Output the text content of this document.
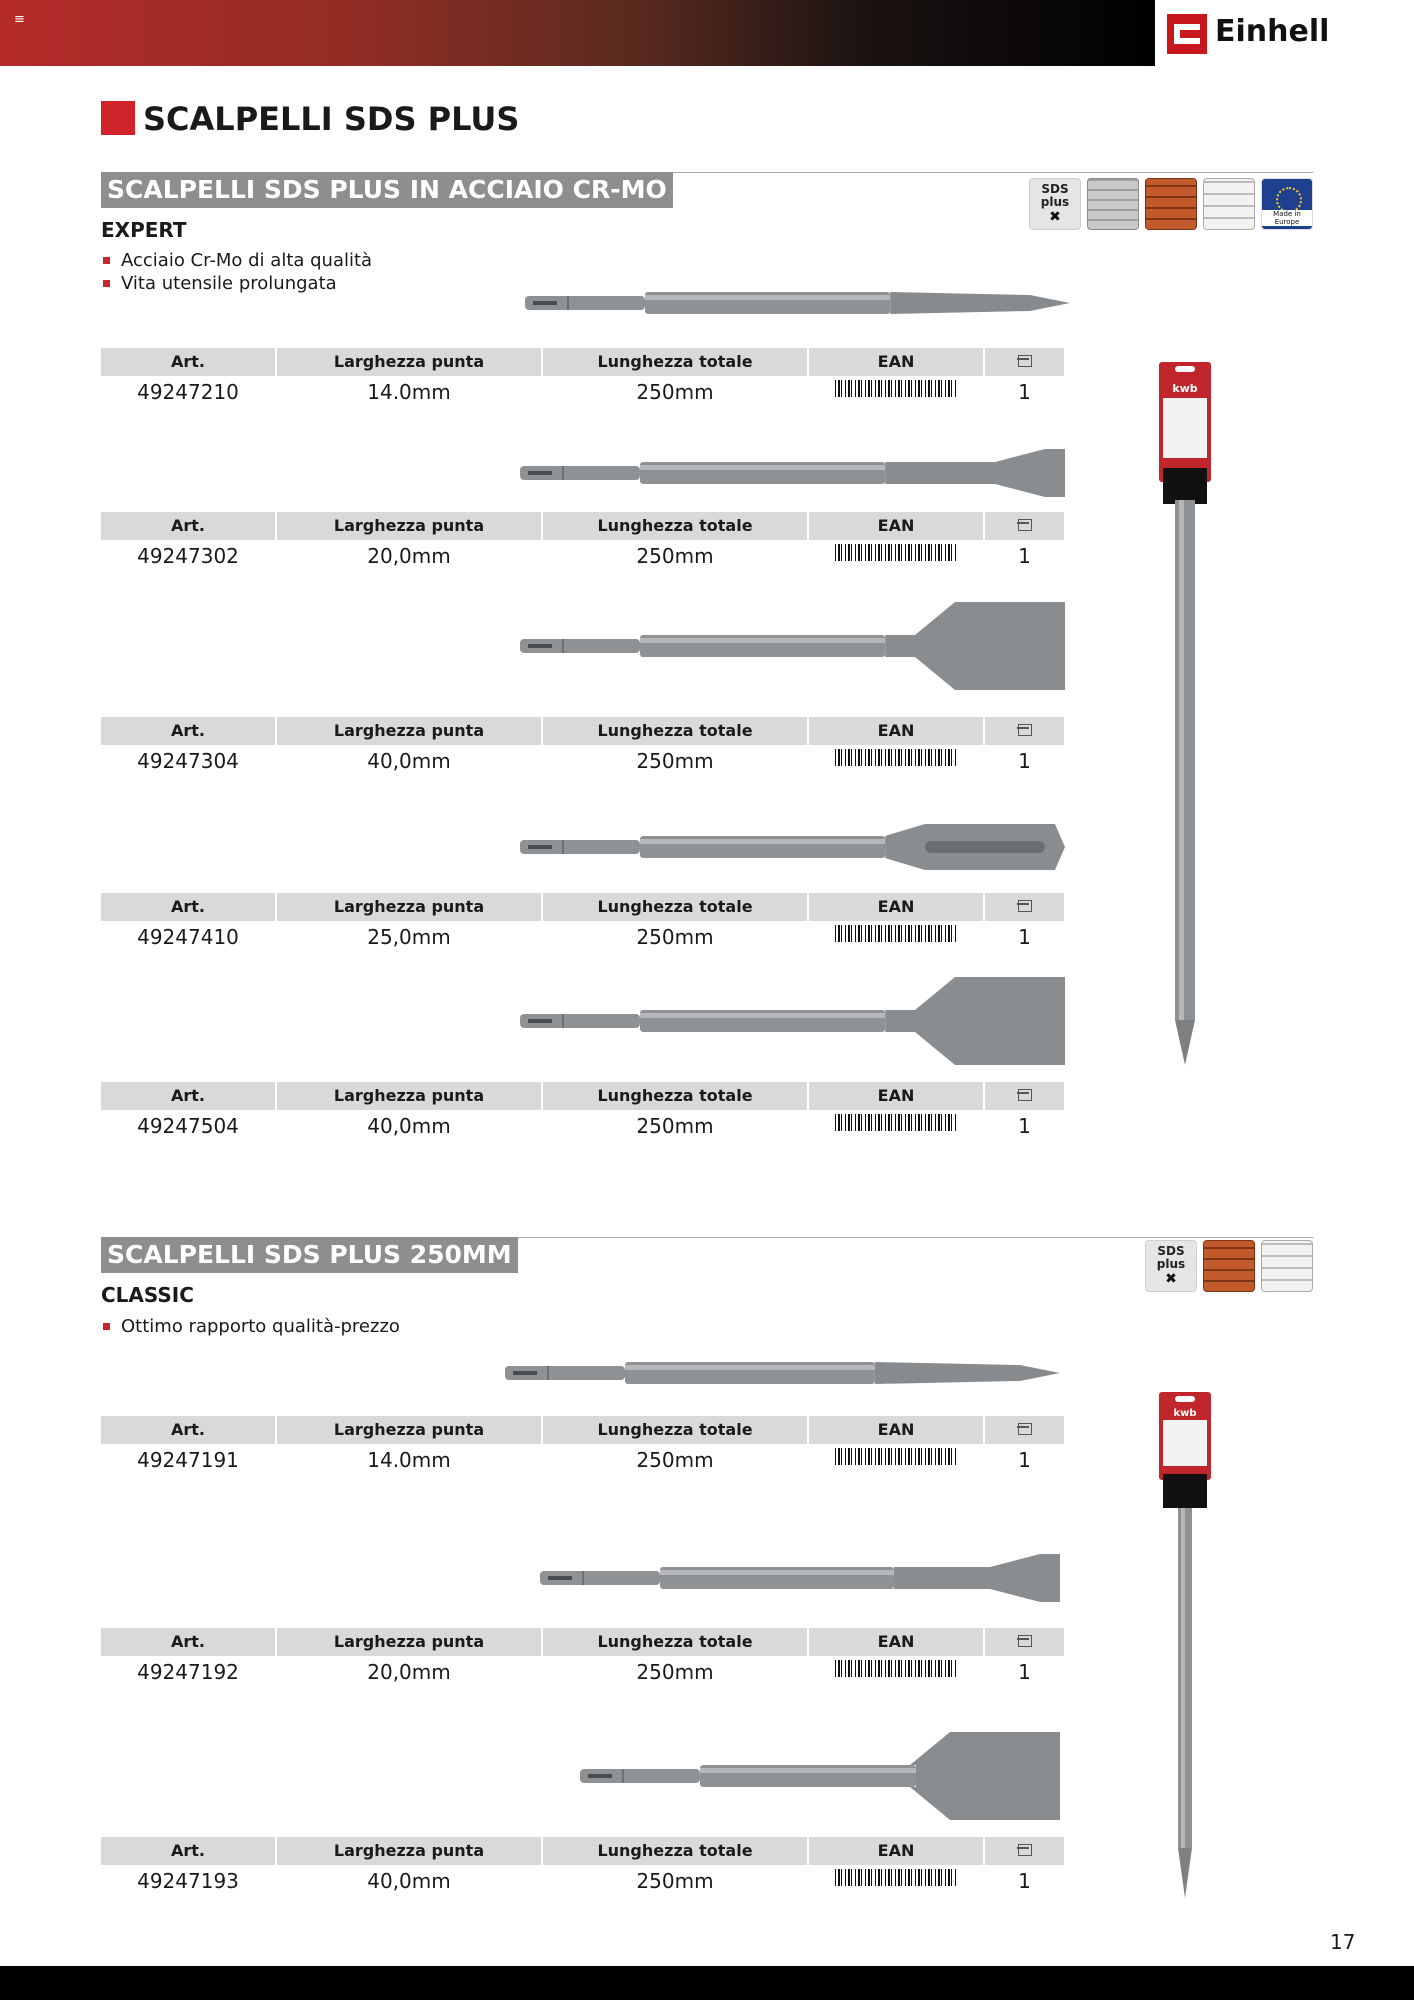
≡	Einhell
SCALPELLI SDS PLUS
SCALPELLI SDS PLUS IN ACCIAIO CR-MO
EXPERT
Acciaio Cr-Mo di alta qualità
Vita utensile prolungata
SDS
plus
✖	Made in Europe
Art.	Larghezza punta	Lunghezza totale	EAN
49247210	14.0mm	250mm	1
Art.	Larghezza punta	Lunghezza totale	EAN
49247302	20,0mm	250mm	1
Art.	Larghezza punta	Lunghezza totale	EAN
49247304	40,0mm	250mm	1
Art.	Larghezza punta	Lunghezza totale	EAN
49247410	25,0mm	250mm	1
Art.	Larghezza punta	Lunghezza totale	EAN
49247504	40,0mm	250mm	1
SCALPELLI SDS PLUS 250MM
CLASSIC
Ottimo rapporto qualità-prezzo
SDS
plus
✖
Art.	Larghezza punta	Lunghezza totale	EAN
49247191	14.0mm	250mm	1
Art.	Larghezza punta	Lunghezza totale	EAN
49247192	20,0mm	250mm	1
Art.	Larghezza punta	Lunghezza totale	EAN
49247193	40,0mm	250mm	1
kwb
kwb
17
